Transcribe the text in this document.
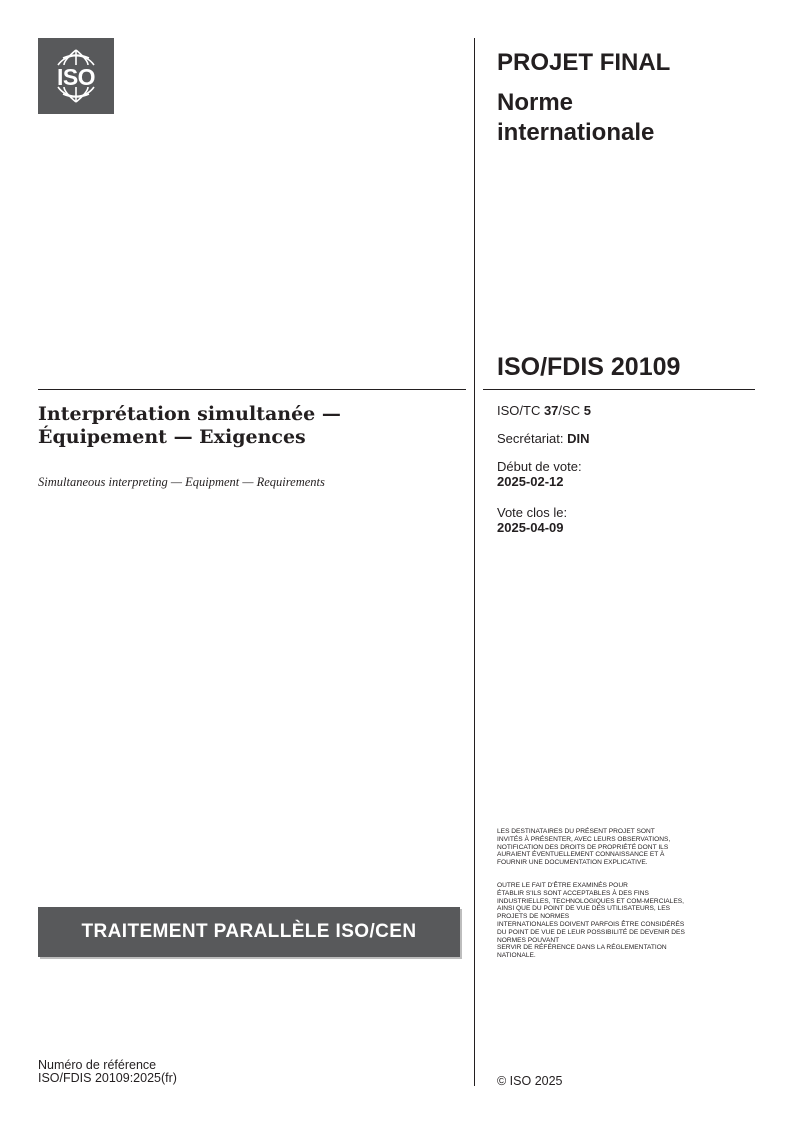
ISO
PROJET FINAL
Norme
internationale
ISO/FDIS 20109
Interprétation simultanée —
Équipement — Exigences
Simultaneous interpreting — Equipment — Requirements
ISO/TC 37/SC 5
Secrétariat: DIN
Début de vote:
2025-02-12
Vote clos le:
2025-04-09
LES DESTINATAIRES DU PRÉSENT PROJET SONT
INVITÉS À PRÉSENTER, AVEC LEURS OBSERVATIONS,
NOTIFICATION DES DROITS DE PROPRIÉTÉ DONT ILS
AURAIENT ÉVENTUELLEMENT CONNAISSANCE ET À
FOURNIR UNE DOCUMENTATION EXPLICATIVE.
OUTRE LE FAIT D'ÊTRE EXAMINÉS POUR
ÉTABLIR S'ILS SONT ACCEPTABLES À DES FINS
INDUSTRIELLES, TECHNOLOGIQUES ET COM-MERCIALES,
AINSI QUE DU POINT DE VUE DES UTILISATEURS, LES
PROJETS DE NORMES
INTERNATIONALES DOIVENT PARFOIS ÊTRE CONSIDÉRÉS
DU POINT DE VUE DE LEUR POSSIBILITÉ DE DEVENIR DES
NORMES POUVANT
SERVIR DE RÉFÉRENCE DANS LA RÉGLEMENTATION
NATIONALE.
TRAITEMENT PARALLÈLE ISO/CEN
Numéro de référence
ISO/FDIS 20109:2025(fr)	© ISO 2025
